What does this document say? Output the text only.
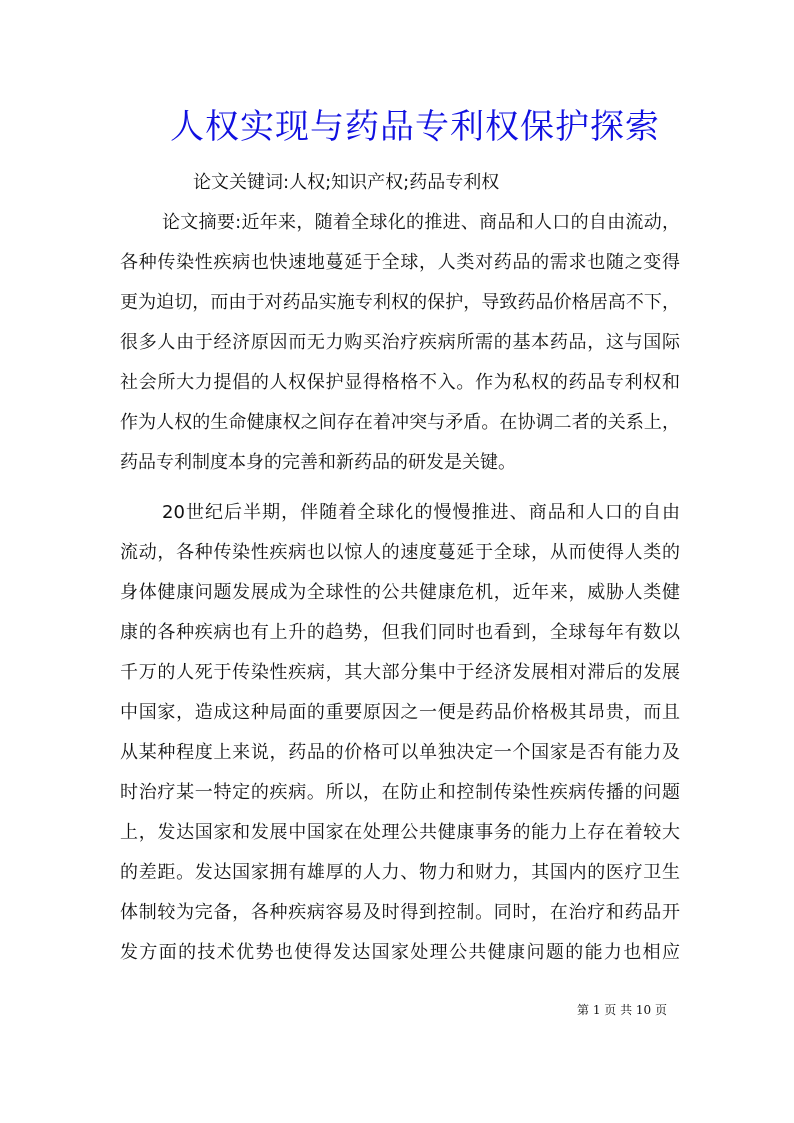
人权实现与药品专利权保护探索
论文关键词:人权;知识产权;药品专利权
论文摘要:近年来，随着全球化的推进、商品和人口的自由流动，
各种传染性疾病也快速地蔓延于全球，人类对药品的需求也随之变得
更为迫切，而由于对药品实施专利权的保护，导致药品价格居高不下，
很多人由于经济原因而无力购买治疗疾病所需的基本药品，这与国际
社会所大力提倡的人权保护显得格格不入。作为私权的药品专利权和
作为人权的生命健康权之间存在着冲突与矛盾。在协调二者的关系上，
药品专利制度本身的完善和新药品的研发是关键。
20世纪后半期，伴随着全球化的慢慢推进、商品和人口的自由
流动，各种传染性疾病也以惊人的速度蔓延于全球，从而使得人类的
身体健康问题发展成为全球性的公共健康危机，近年来，威胁人类健
康的各种疾病也有上升的趋势，但我们同时也看到，全球每年有数以
千万的人死于传染性疾病，其大部分集中于经济发展相对滞后的发展
中国家，造成这种局面的重要原因之一便是药品价格极其昂贵，而且
从某种程度上来说，药品的价格可以单独决定一个国家是否有能力及
时治疗某一特定的疾病。所以，在防止和控制传染性疾病传播的问题
上，发达国家和发展中国家在处理公共健康事务的能力上存在着较大
的差距。发达国家拥有雄厚的人力、物力和财力，其国内的医疗卫生
体制较为完备，各种疾病容易及时得到控制。同时，在治疗和药品开
发方面的技术优势也使得发达国家处理公共健康问题的能力也相应
第 1 页 共 10 页
